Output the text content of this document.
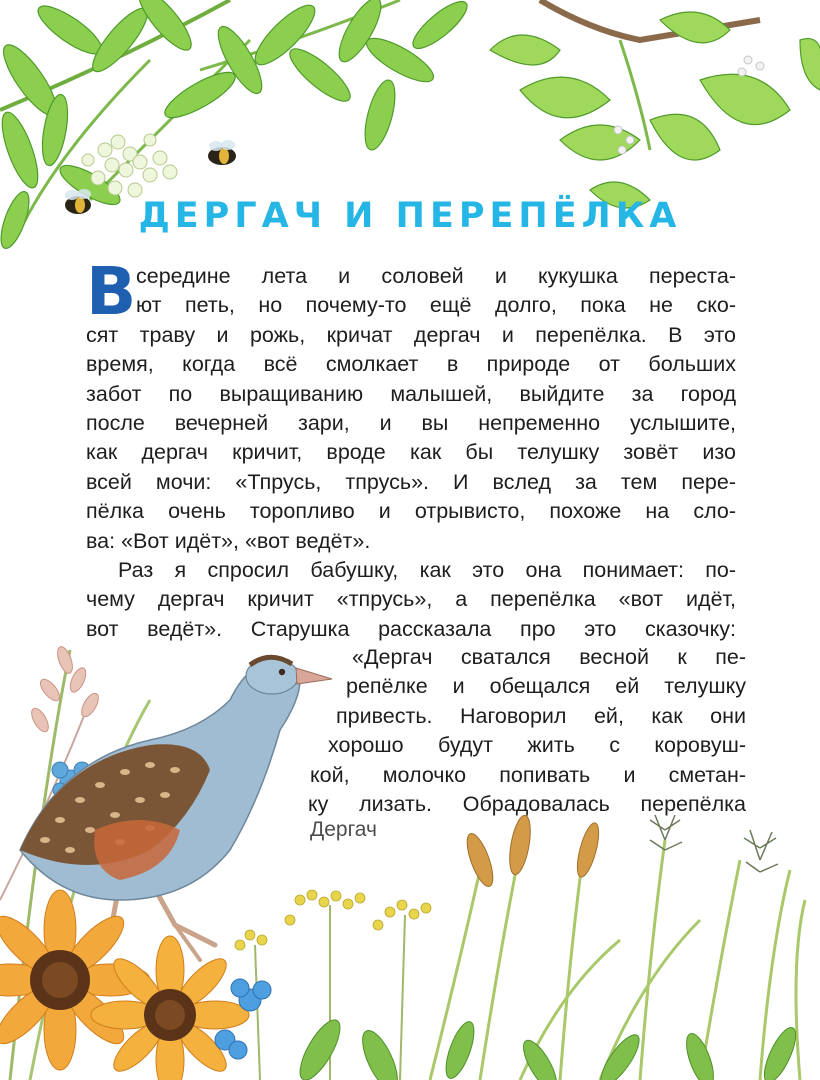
ДЕРГАЧ И ПЕРЕПЁЛКА
В середине лета и соловей и кукушка переста-
ют петь, но почему-то ещё долго, пока не ско-
сят траву и рожь, кричат дергач и перепёлка. В это
время, когда всё смолкает в природе от больших
забот по выращиванию малышей, выйдите за город
после вечерней зари, и вы непременно услышите,
как дергач кричит, вроде как бы телушку зовёт изо
всей мочи: «Тпрусь, тпрусь». И вслед за тем пере-
пёлка очень торопливо и отрывисто, похоже на сло-
ва: «Вот идёт», «вот ведёт».
Раз я спросил бабушку, как это она понимает: по-
чему дергач кричит «тпрусь», а перепёлка «вот идёт,
вот ведёт». Старушка рассказала про это сказочку:
«Дергач сватался весной к пе-
репёлке и обещался ей телушку
привесть. Наговорил ей, как они
хорошо будут жить с коровуш-
кой, молочко попивать и сметан-
ку лизать. Обрадовалась перепёлка
Дергач
